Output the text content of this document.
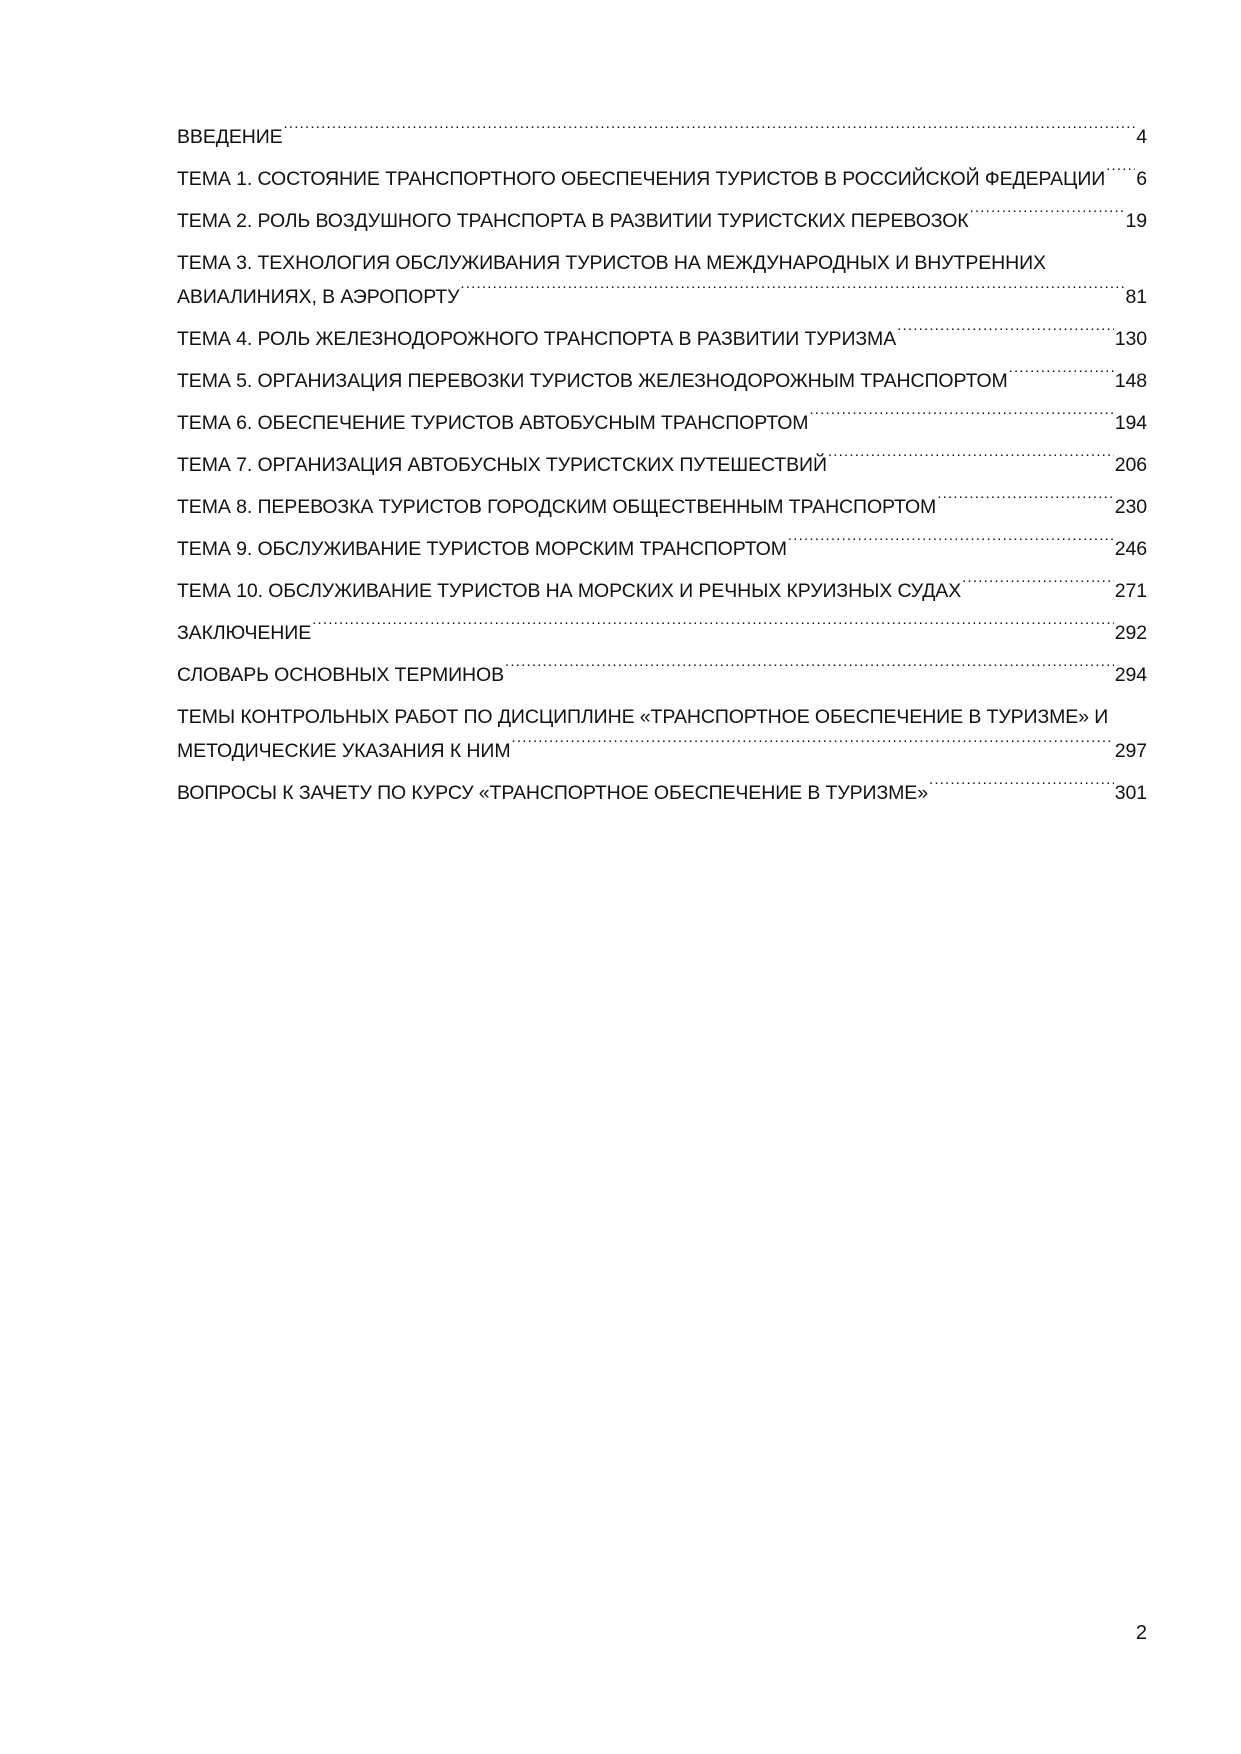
ВВЕДЕНИЕ .....	4
ТЕМА 1. СОСТОЯНИЕ ТРАНСПОРТНОГО ОБЕСПЕЧЕНИЯ ТУРИСТОВ В РОССИЙСКОЙ ФЕДЕРАЦИИ ..... 6
ТЕМА 2. РОЛЬ ВОЗДУШНОГО ТРАНСПОРТА В РАЗВИТИИ ТУРИСТСКИХ ПЕРЕВОЗОК .....	19
ТЕМА 3. ТЕХНОЛОГИЯ ОБСЛУЖИВАНИЯ ТУРИСТОВ НА МЕЖДУНАРОДНЫХ И ВНУТРЕННИХ
АВИАЛИНИЯХ, В АЭРОПОРТУ .....	81
ТЕМА 4. РОЛЬ ЖЕЛЕЗНОДОРОЖНОГО ТРАНСПОРТА В РАЗВИТИИ ТУРИЗМА .....	130
ТЕМА 5. ОРГАНИЗАЦИЯ ПЕРЕВОЗКИ ТУРИСТОВ ЖЕЛЕЗНОДОРОЖНЫМ ТРАНСПОРТОМ .....	148
ТЕМА 6. ОБЕСПЕЧЕНИЕ ТУРИСТОВ АВТОБУСНЫМ ТРАНСПОРТОМ .....	194
ТЕМА 7. ОРГАНИЗАЦИЯ АВТОБУСНЫХ ТУРИСТСКИХ ПУТЕШЕСТВИЙ .....	206
ТЕМА 8. ПЕРЕВОЗКА ТУРИСТОВ ГОРОДСКИМ ОБЩЕСТВЕННЫМ ТРАНСПОРТОМ .....	230
ТЕМА 9. ОБСЛУЖИВАНИЕ ТУРИСТОВ МОРСКИМ ТРАНСПОРТОМ .....	246
ТЕМА 10. ОБСЛУЖИВАНИЕ ТУРИСТОВ НА МОРСКИХ И РЕЧНЫХ КРУИЗНЫХ СУДАХ .....	271
ЗАКЛЮЧЕНИЕ .....	292
СЛОВАРЬ ОСНОВНЫХ ТЕРМИНОВ .....	294
ТЕМЫ КОНТРОЛЬНЫХ РАБОТ ПО ДИСЦИПЛИНЕ «ТРАНСПОРТНОЕ ОБЕСПЕЧЕНИЕ В ТУРИЗМЕ» И
МЕТОДИЧЕСКИЕ УКАЗАНИЯ К НИМ .....	297
ВОПРОСЫ К ЗАЧЕТУ ПО КУРСУ «ТРАНСПОРТНОЕ ОБЕСПЕЧЕНИЕ В ТУРИЗМЕ» .....	301
2
